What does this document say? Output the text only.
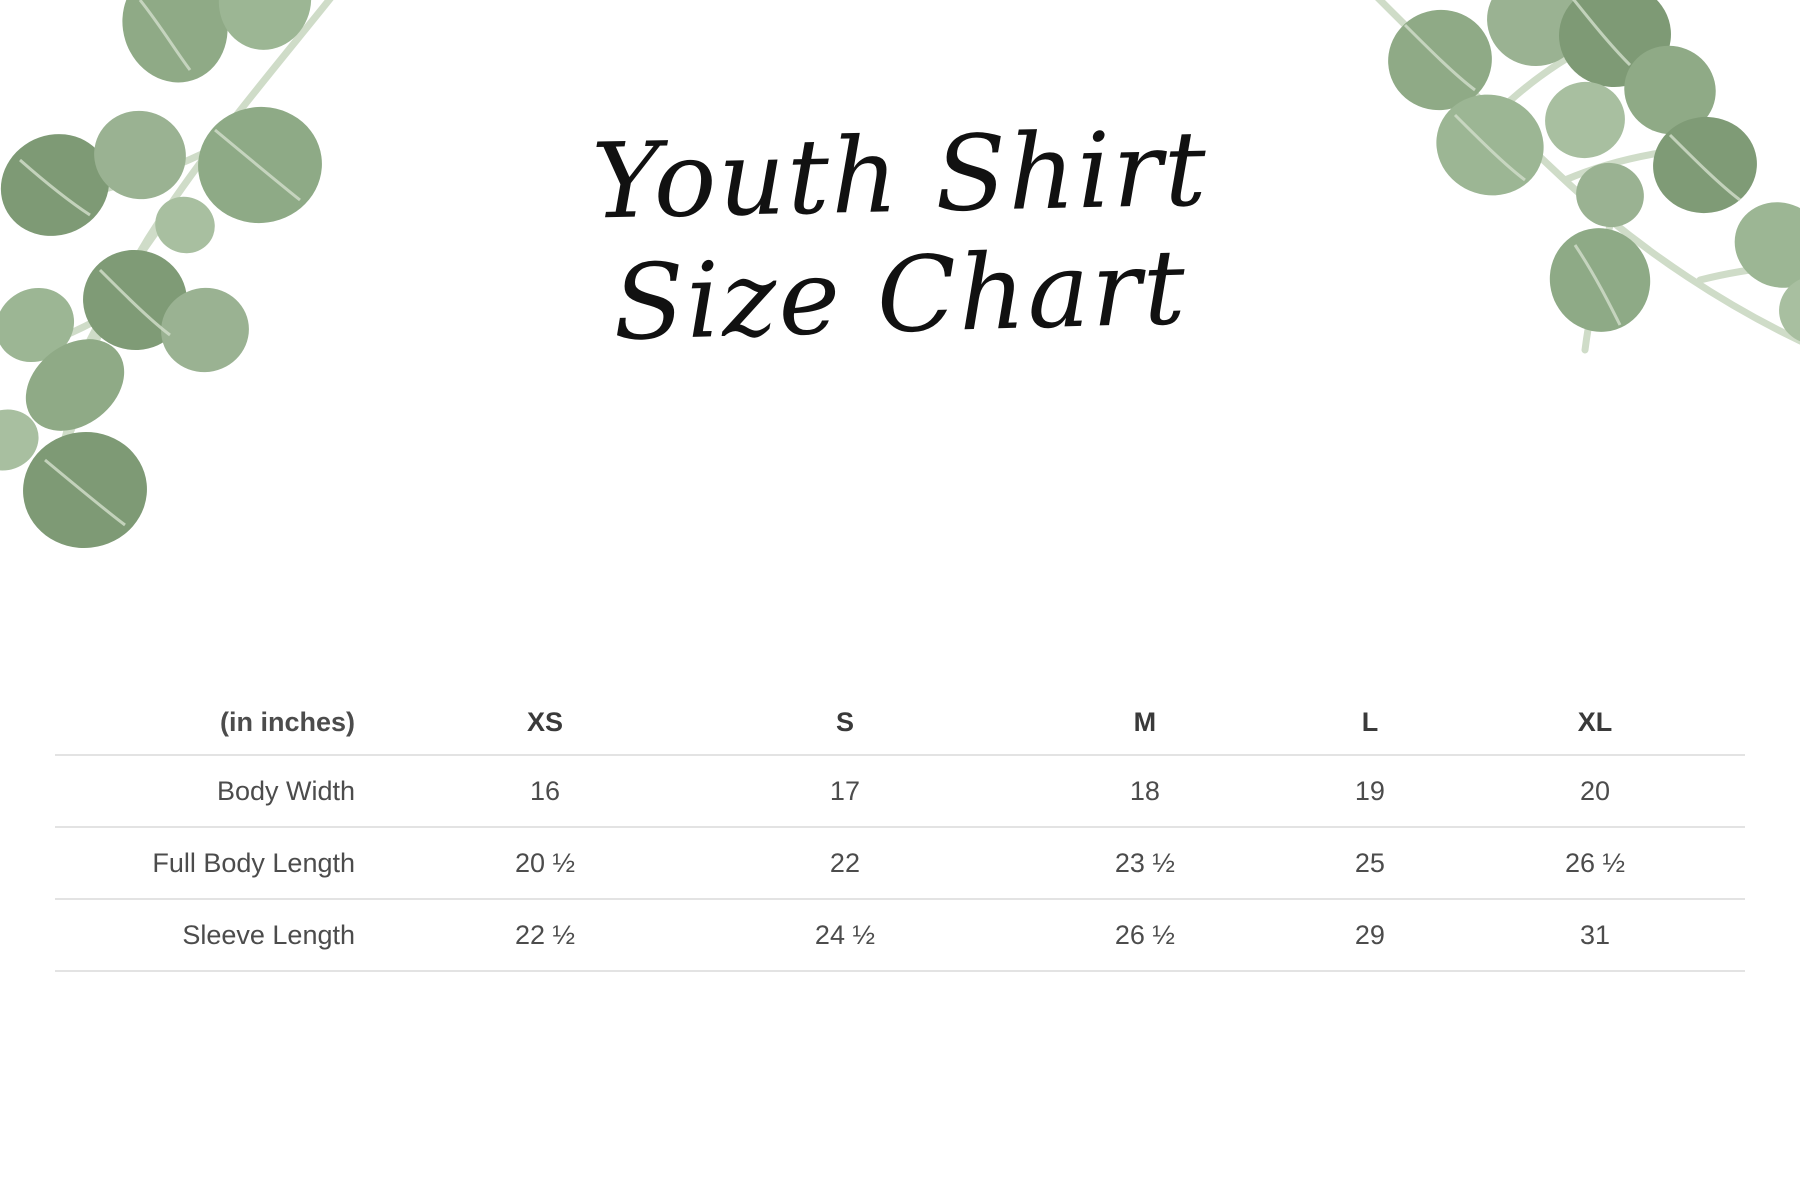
Youth Shirt
Size Chart
(in inches)	XS	S	M	L	XL
Body Width	16	17	18	19	20
Full Body Length	20 ½	22	23 ½	25	26 ½
Sleeve Length	22 ½	24 ½	26 ½	29	31
